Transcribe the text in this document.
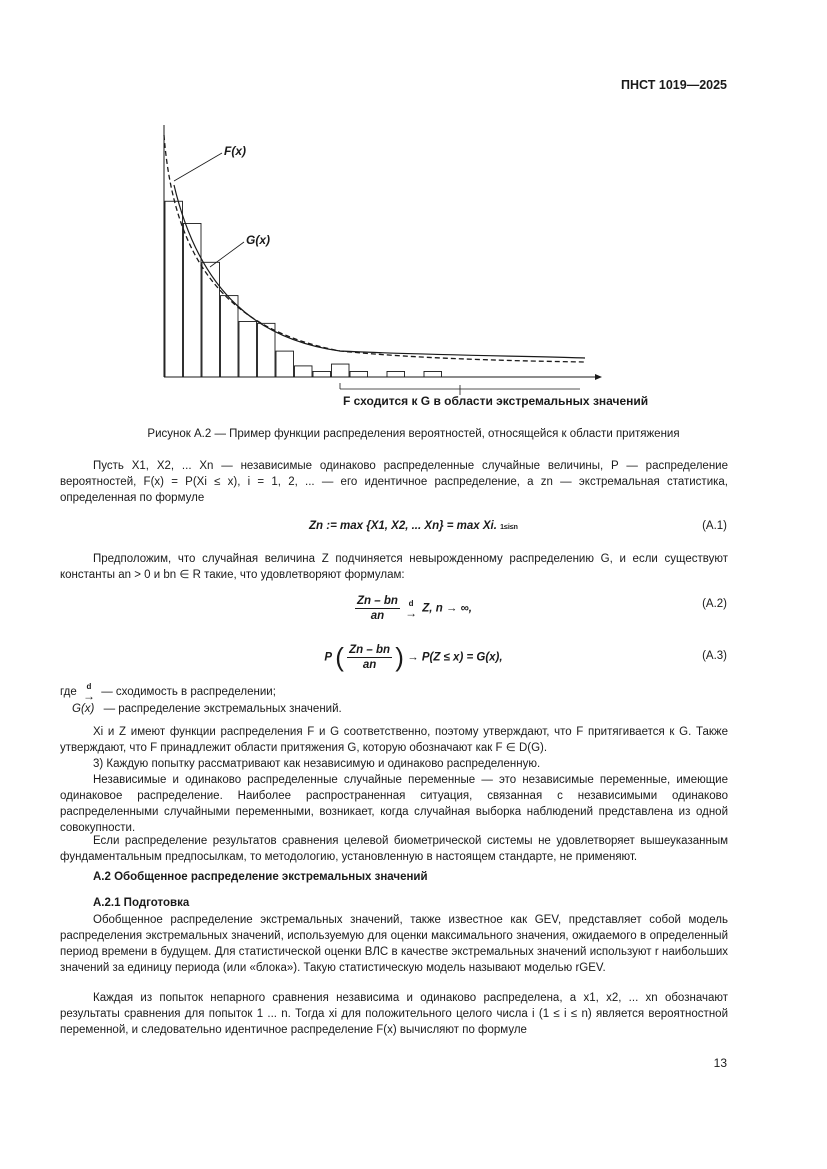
ПНСТ 1019—2025
F(x)
G(x)
F сходится к G в области экстремальных значений
Рисунок А.2 — Пример функции распределения вероятностей, относящейся к области притяжения
Пусть X1, X2, ... Xn — независимые одинаково распределенные случайные величины, P — распределение вероятностей, F(x) = P(Xi ≤ x), i = 1, 2, ... — его идентичное распределение, а zn — экстремальная статистика, определенная по формуле
Zn := max {X1, X2, ... Xn} = max Xi. 1≤i≤n	(A.1)
Предположим, что случайная величина Z подчиняется невырожденному распределению G, и если существуют константы an > 0 и bn ∈ R такие, что удовлетворяют формулам:
$\frac{Zn - bn}{an}$
	d
→ Z, n → ∞,	(A.2)
P ( $\frac{Zn - bn}{an}$ ) → P(Z ≤ x) = G(x),	(A.3)
где	d
→ — сходимость в распределении;
G(x) — распределение экстремальных значений.
Xi и Z имеют функции распределения F и G соответственно, поэтому утверждают, что F притягивается к G. Также утверждают, что F принадлежит области притяжения G, которую обозначают как F ∈ D(G).
3) Каждую попытку рассматривают как независимую и одинаково распределенную.
Независимые и одинаково распределенные случайные переменные — это независимые переменные, имеющие одинаковое распределение. Наиболее распространенная ситуация, связанная с независимыми одинаково распределенными случайными переменными, возникает, когда случайная выборка наблюдений представлена из одной совокупности.
Если распределение результатов сравнения целевой биометрической системы не удовлетворяет вышеуказанным фундаментальным предпосылкам, то методологию, установленную в настоящем стандарте, не применяют.
А.2 Обобщенное распределение экстремальных значений
А.2.1 Подготовка
Обобщенное распределение экстремальных значений, также известное как GEV, представляет собой модель распределения экстремальных значений, используемую для оценки максимального значения, ожидаемого в определенный период времени в будущем. Для статистической оценки ВЛС в качестве экстремальных значений используют r наибольших значений за единицу периода (или «блока»). Такую статистическую модель называют моделью rGEV.
Каждая из попыток непарного сравнения независима и одинаково распределена, а x1, x2, ... xn обозначают результаты сравнения для попыток 1 ... n. Тогда xi для положительного целого числа i (1 ≤ i ≤ n) является вероятностной переменной, и следовательно идентичное распределение F(x) вычисляют по формуле
13
